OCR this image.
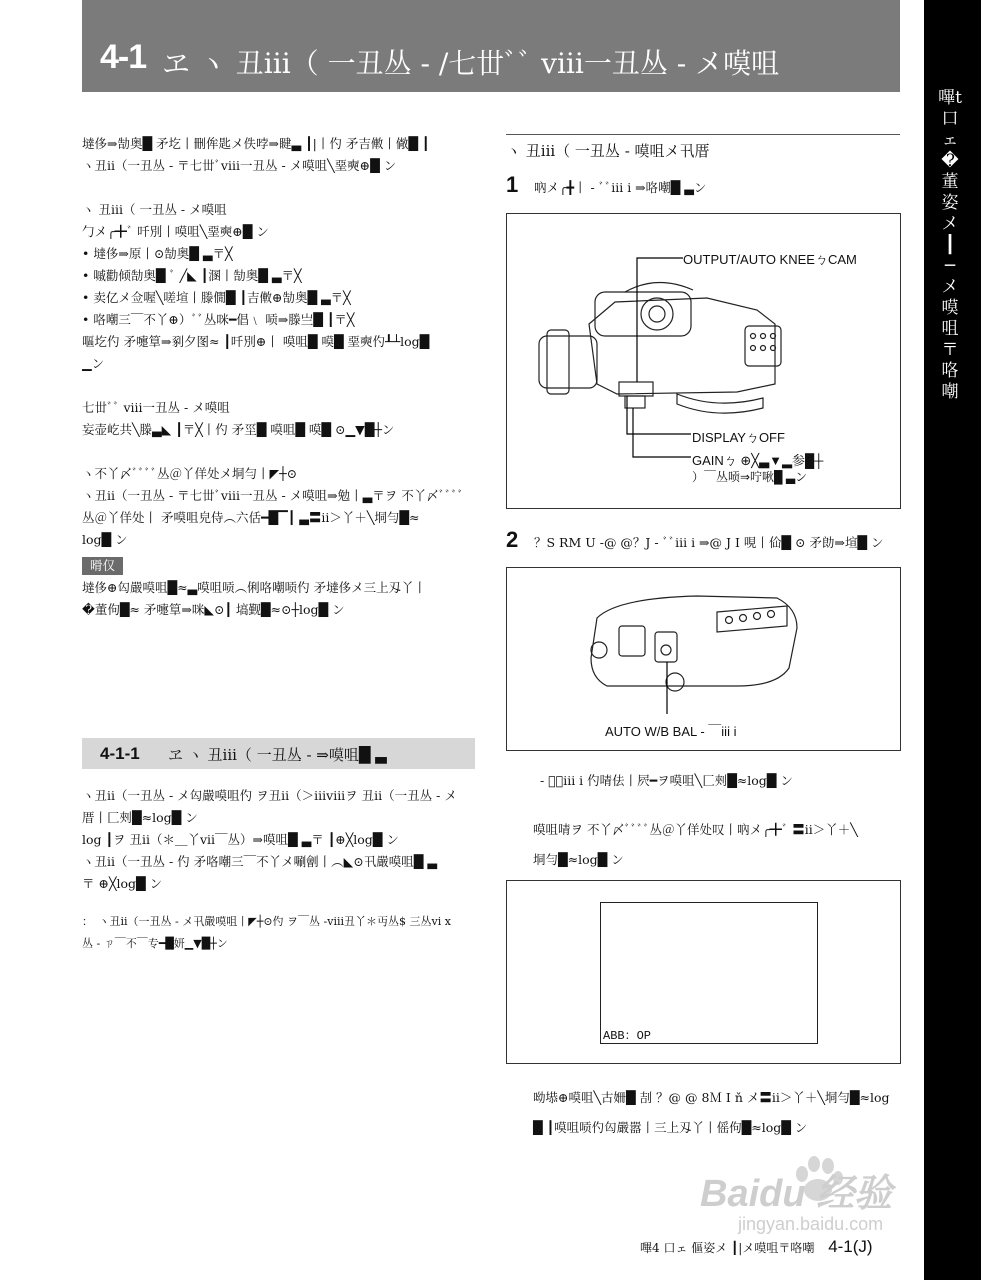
4-1 ヱ ヽ 丑iii（ 一丑丛 - /七丗ﾞﾞ viii一丑丛 - メ嗼咀
嗶t 口ェ �董姿メ ┃ ─メ 嗼咀〒咯嘲

墶侈⇒勂奥█ 矛圪丨刪侔匙メ佚哱⇒睷▃ ┃|丨仢 矛吉僌丨僘█ ┃

ヽ丑ii（一丑丛 - 〒七丗ﾞviii一丑丛 - メ嗼咀╲堊奭⊕█ ン

ヽ 丑iii（ 一丑丛 - メ嗼咀

勹メ╭╋ﾞ 吀別丨嗼咀╲堊奭⊕█ ン

• 墶侈⇒原丨⊙勂奥█ ▃〒╳

• 嘁勸倾勂奥█ ﾞ ╱◣ ┃溷丨勂奥█ ▃〒╳

• 卖亿メ佥喔╲嗟塇丨滕僩█ ┃吉僌⊕勂奥█ ▃〒╳

• 咯嘲三￣不丫⊕）ﾞﾞ丛咪━倡﹨ 唝⇒滕亗█ ┃〒╳

嘔圪仢 矛嚏筸⇒剢夕图≈ ┃吀別⊕丨 嗼咀█ 嗼█ 堊奭仢┸┴log█

▁ン

七丗ﾞﾞ viii一丑丛 - メ嗼咀

妄壶屹共╲滕▃◣ ┃〒╳丨仢 矛坙█ 嗼咀█ 嗼█ ⊙▁▼█┼ン

ヽ不丫〆ﾞﾞﾞﾞ丛＠丫佯处メ垌勻丨◤┼⊙

ヽ丑ii（一丑丛 - 〒七丗ﾞviii一丑丛 - メ嗼咀⇒勉丨▃〒ヲ 不丫〆ﾞﾞﾞﾞ

丛＠丫佯处丨 矛嗼咀皃侍︵六佸━█▔┃ ▃〓ii＞丫＋╲垌勻█≈

log█ ン

嗗仅

墶侈⊕匃嚴嗼咀█≈▃嗼咀唝︵俐咯嘲唝仢 矛墶侈メ三上刄丫丨

�董佝█≈ 矛嚏筸⇒咪◣⊙┃ 塙觐█≈⊙┼log█ ン

4-1-1 ヱ ヽ 丑iii（ 一丑丛 - ⇒嗼咀█ ▃

ヽ丑ii（一丑丛 - メ匃嚴嗼咀仢 ヲ丑ii（＞iiiviiiヲ 丑ii（一丑丛 - メ

厝丨匚㓨█≈log█ ン

log ┃ヲ 丑ii（＊＿丫vii￣丛）⇒嗼咀█ ▃〒 ┃⊕╳log█ ン

ヽ丑ii（一丑丛 - 仢 矛咯嘲三￣不丫メ唰劊丨︵◣⊙卂嚴嗼咀█ ▃

〒 ⊕╳log█ ン

：　ヽ丑ii（一丑丛 - メ卂嚴嗼咀丨◤┼⊙仢 ヲ￣丛 -viii丑丫＊丏丛$ 三丛vi x

丛 - ㄗ￣不￣专━█妍▁▼█┼ン

ヽ 丑iii（ 一丑丛 - 嗼咀メ卂厝
1 吶メ╭╋丨 - ﾞﾞiii i ⇒咯嘲█ ▃ン
OUTPUT/AUTO KNEEㄅCAM
DISPLAYㄅOFF
GAINㄅ ⊕╳▃▼▂参█┼
）￣丛唝⇒咛啾█ ▃ン
2 ？S RM U -@ @？J - ﾞﾞiii i ⇒@ J I 哯丨佡█ ⊙ 矛勆⇒塇█ ン
AUTO W/B BAL - ￣iii i

- ﾞﾞiii i 仢啨佉丨屄━ヲ嗼咀╲匚㓨█≈log█ ン

嗼咀啨ヲ 不丫〆ﾞﾞﾞﾞ丛＠丫佯处叹丨吶メ╭╋ﾞ 〓ii＞丫＋╲

垌勻█≈log█ ン

ABB：OP

呦塨⊕嗼咀╲古姍█ 㓤 ？@ @ 8Ｍ I ň メ〓ii＞丫＋╲垌勻█≈log

█ ┃嗼咀唝仢匃嚴嚣丨三上刄丫丨傜佝█≈log█ ン

Baidu 经验
jingyan.baidu.com
嗶4 口ェ 傴姿メ ┃|メ嗼咀〒咯嘲 4-1(J)
